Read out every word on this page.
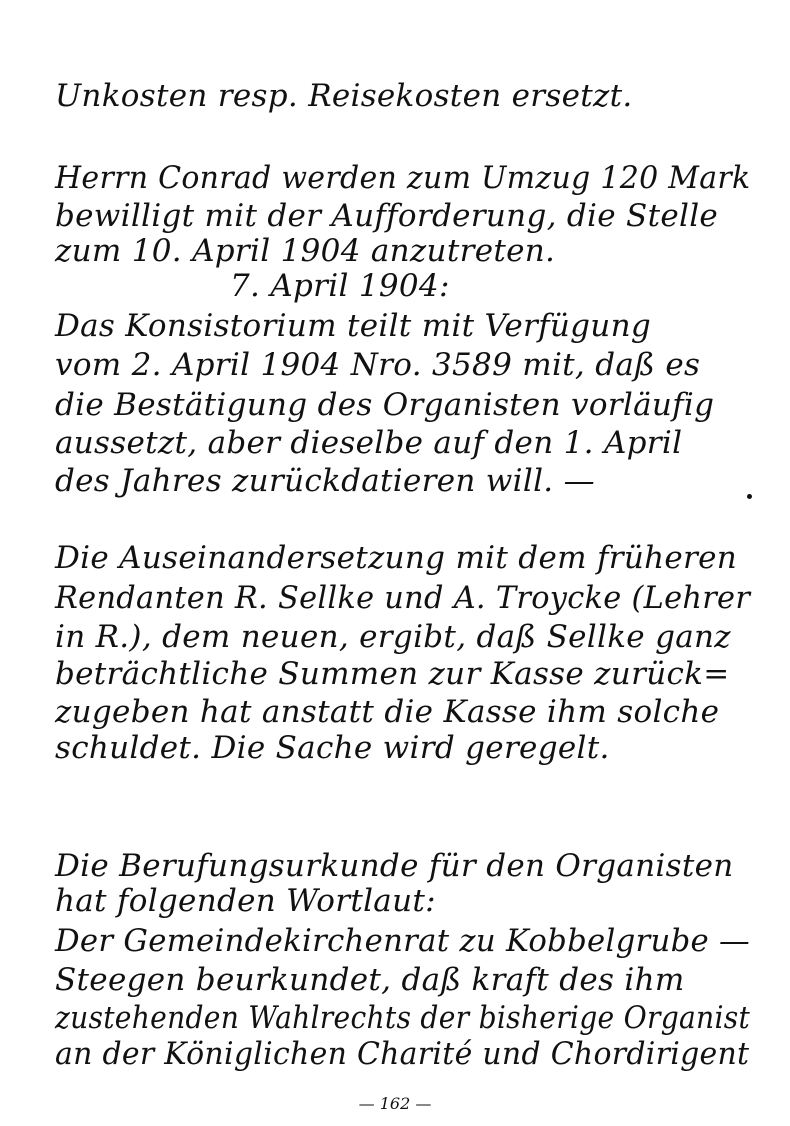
Unkosten resp. Reisekosten ersetzt.
Herrn Conrad werden zum Umzug 120 Mark
bewilligt mit der Aufforderung, die Stelle
zum 10. April 1904 anzutreten.
7. April 1904:
Das Konsistorium teilt mit Verfügung
vom 2. April 1904 Nro. 3589 mit, daß es
die Bestätigung des Organisten vorläufig
aussetzt, aber dieselbe auf den 1. April
des Jahres zurückdatieren will. —
Die Auseinandersetzung mit dem früheren
Rendanten R. Sellke und A. Troycke (Lehrer
in R.), dem neuen, ergibt, daß Sellke ganz
beträchtliche Summen zur Kasse zurück=
zugeben hat anstatt die Kasse ihm solche
schuldet. Die Sache wird geregelt.
Die Berufungsurkunde für den Organisten
hat folgenden Wortlaut:
Der Gemeindekirchenrat zu Kobbelgrube —
Steegen beurkundet, daß kraft des ihm
zustehenden Wahlrechts der bisherige Organist
an der Königlichen Charité und Chordirigent
— 162 —
